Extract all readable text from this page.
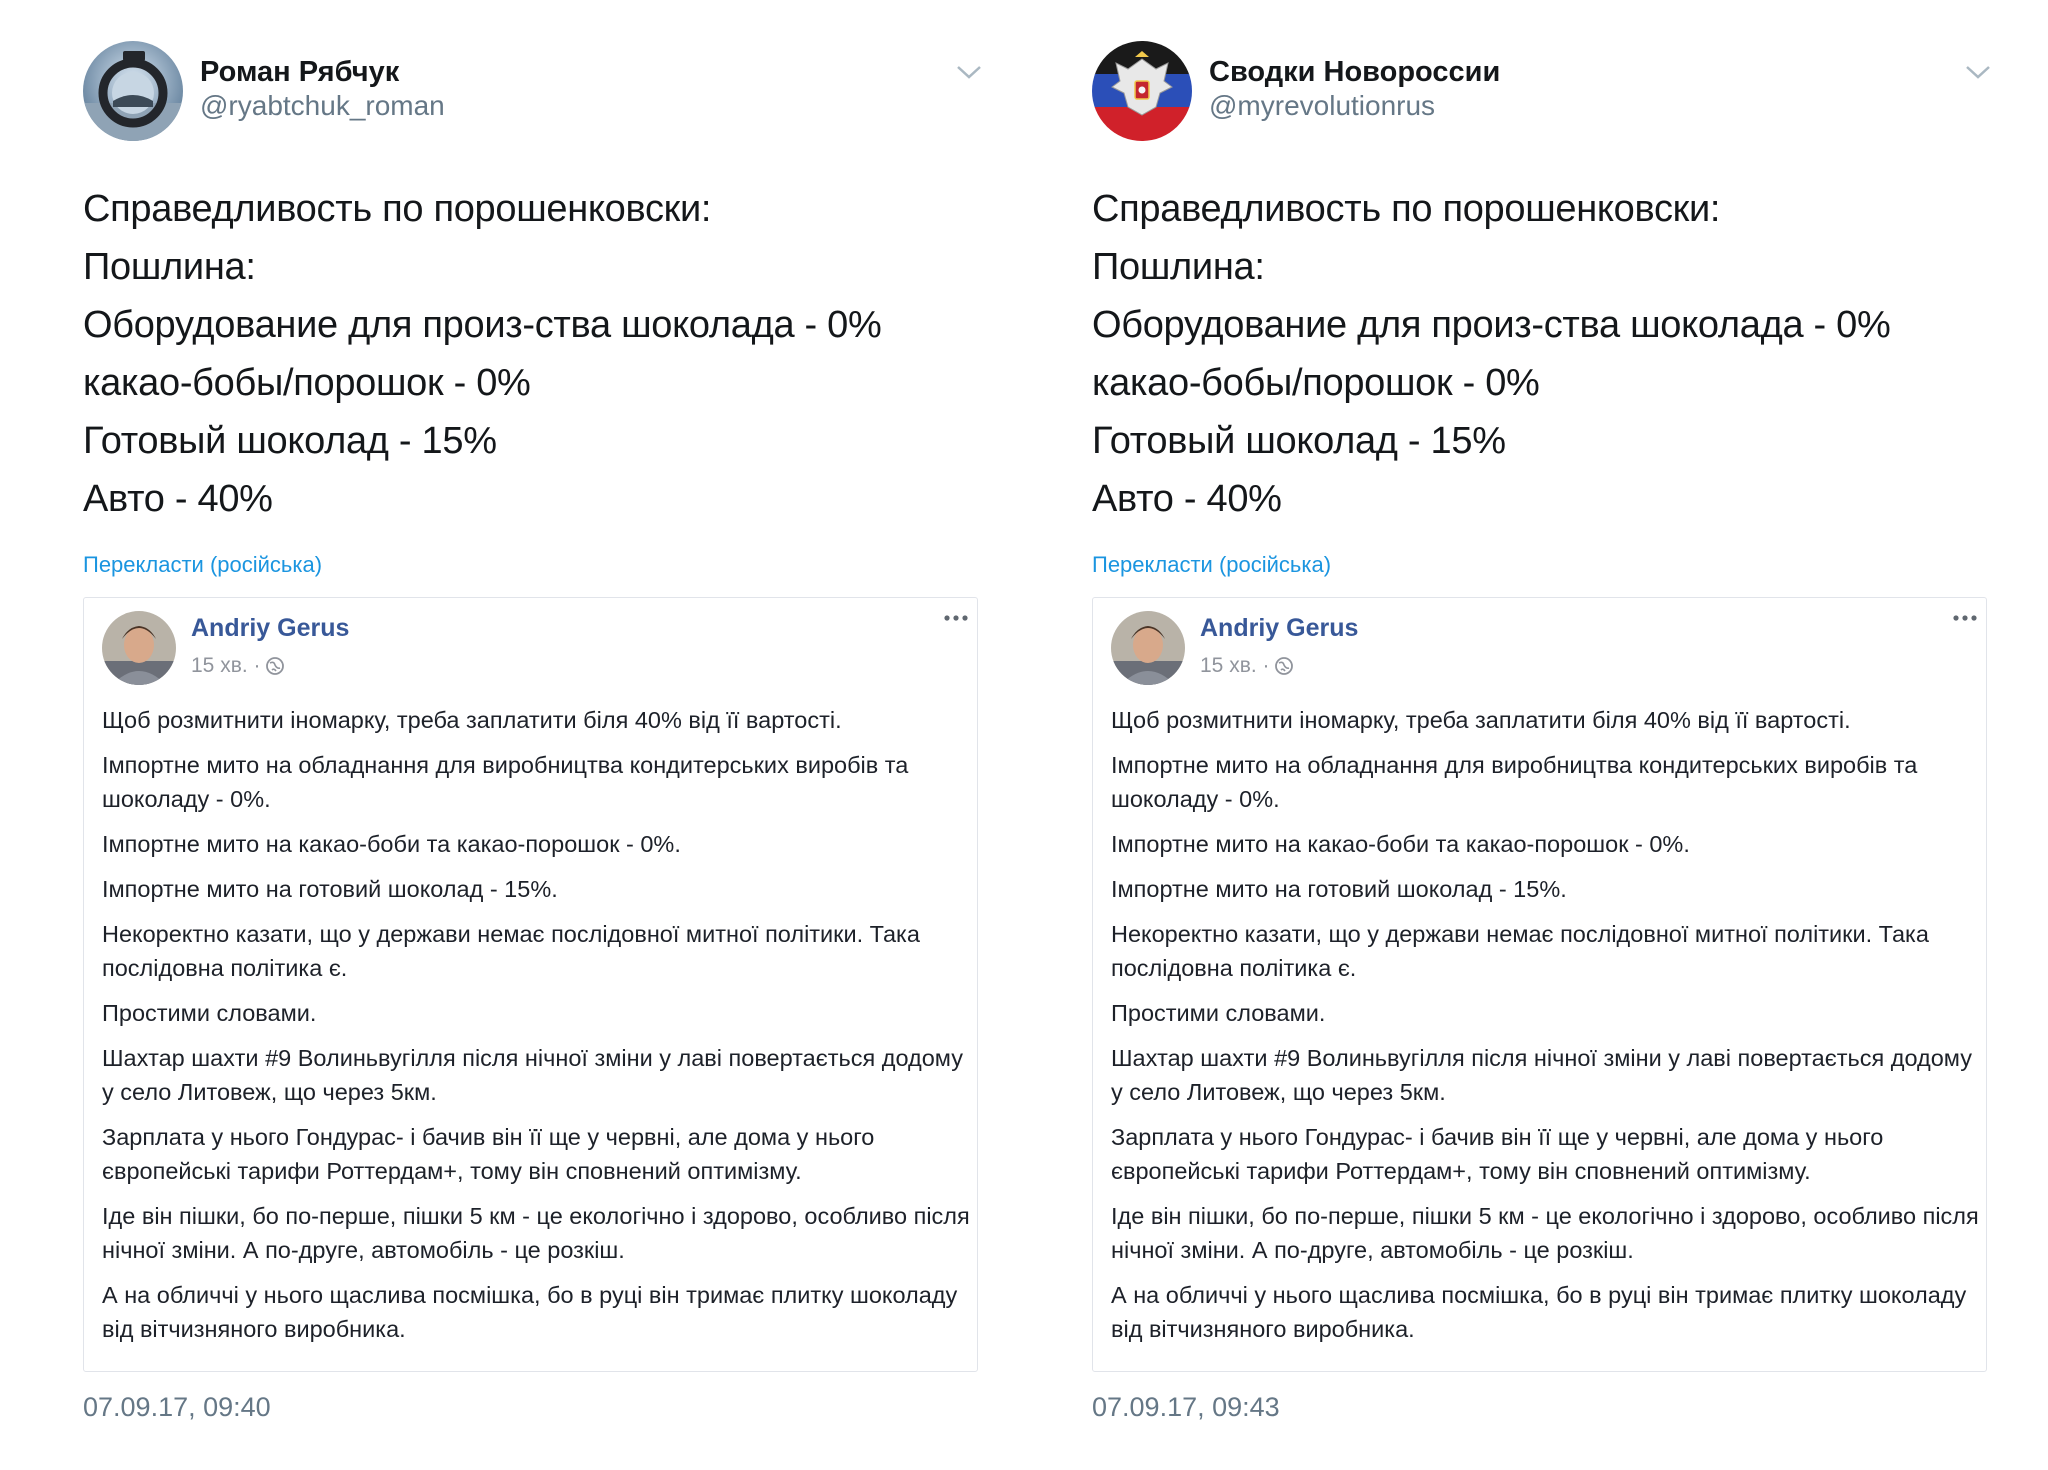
Роман Рябчук
@ryabtchuk_roman
Справедливость по порошенковски:
Пошлина:
Оборудование для произ-ства шоколада - 0%
какао-бобы/порошок - 0%
Готовый шоколад - 15%
Авто - 40%
Перекласти (російська)
Andriy Gerus
15 хв. ·

Щоб розмитнити іномарку, треба заплатити біля 40% від її вартості.

Імпортне мито на обладнання для виробництва кондитерських виробів та шоколаду - 0%.

Імпортне мито на какао-боби та какао-порошок - 0%.

Імпортне мито на готовий шоколад - 15%.

Некоректно казати, що у держави немає послідовної митної політики. Така послідовна політика є.

Простими словами.

Шахтар шахти #9 Волиньвугілля після нічної зміни у лаві повертається додому у село Литовеж, що через 5км.

Зарплата у нього Гондурас- і бачив він її ще у червні, але дома у нього європейські тарифи Роттердам+, тому він сповнений оптимізму.

Іде він пішки, бо по-перше, пішки 5 км - це екологічно і здорово, особливо після нічної зміни. А по-друге, автомобіль - це розкіш.

А на обличчі у нього щаслива посмішка, бо в руці він тримає плитку шоколаду від вітчизняного виробника.

07.09.17, 09:40
Сводки Новороссии
@myrevolutionrus
Справедливость по порошенковски:
Пошлина:
Оборудование для произ-ства шоколада - 0%
какао-бобы/порошок - 0%
Готовый шоколад - 15%
Авто - 40%
Перекласти (російська)
Andriy Gerus
15 хв. ·

Щоб розмитнити іномарку, треба заплатити біля 40% від її вартості.

Імпортне мито на обладнання для виробництва кондитерських виробів та шоколаду - 0%.

Імпортне мито на какао-боби та какао-порошок - 0%.

Імпортне мито на готовий шоколад - 15%.

Некоректно казати, що у держави немає послідовної митної політики. Така послідовна політика є.

Простими словами.

Шахтар шахти #9 Волиньвугілля після нічної зміни у лаві повертається додому у село Литовеж, що через 5км.

Зарплата у нього Гондурас- і бачив він її ще у червні, але дома у нього європейські тарифи Роттердам+, тому він сповнений оптимізму.

Іде він пішки, бо по-перше, пішки 5 км - це екологічно і здорово, особливо після нічної зміни. А по-друге, автомобіль - це розкіш.

А на обличчі у нього щаслива посмішка, бо в руці він тримає плитку шоколаду від вітчизняного виробника.

07.09.17, 09:43
